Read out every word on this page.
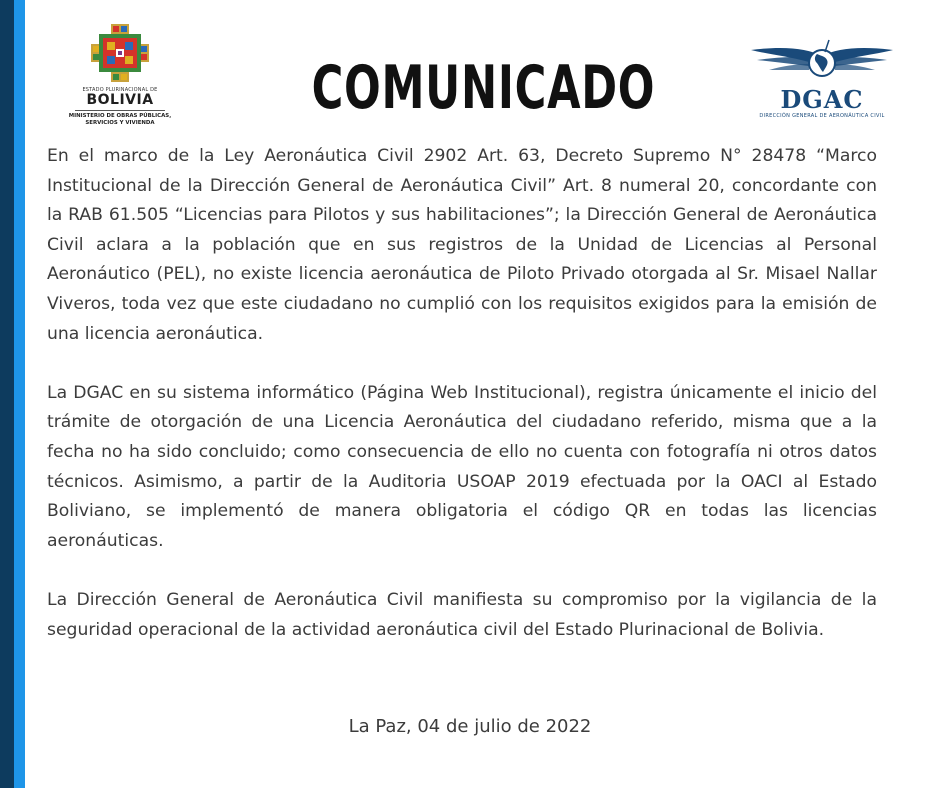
ESTADO PLURINACIONAL DE
BOLIVIA
MINISTERIO DE OBRAS PÚBLICAS,
SERVICIOS Y VIVIENDA	COMUNICADO	DGAC
DIRECCIÓN GENERAL DE AERONÁUTICA CIVIL

En el marco de la Ley Aeronáutica Civil 2902 Art. 63, Decreto Supremo N° 28478 “Marco Institucional de la Dirección General de Aeronáutica Civil” Art. 8 numeral 20, concordante con la RAB 61.505 “Licencias para Pilotos y sus habilitaciones”; la Dirección General de Aeronáutica Civil aclara a la población que en sus registros de la Unidad de Licencias al Personal Aeronáutico (PEL), no existe licencia aeronáutica de Piloto Privado otorgada al Sr. Misael Nallar Viveros, toda vez que este ciudadano no cumplió con los requisitos exigidos para la emisión de una licencia aeronáutica.

La DGAC en su sistema informático (Página Web Institucional), registra únicamente el inicio del trámite de otorgación de una Licencia Aeronáutica del ciudadano referido, misma que a la fecha no ha sido concluido; como consecuencia de ello no cuenta con fotografía ni otros datos técnicos. Asimismo, a partir de la Auditoria USOAP 2019 efectuada por la OACI al Estado Boliviano, se implementó de manera obligatoria el código QR en todas las licencias aeronáuticas.

La Dirección General de Aeronáutica Civil manifiesta su compromiso por la vigilancia de la seguridad operacional de la actividad aeronáutica civil del Estado Plurinacional de Bolivia.

La Paz, 04 de julio de 2022
